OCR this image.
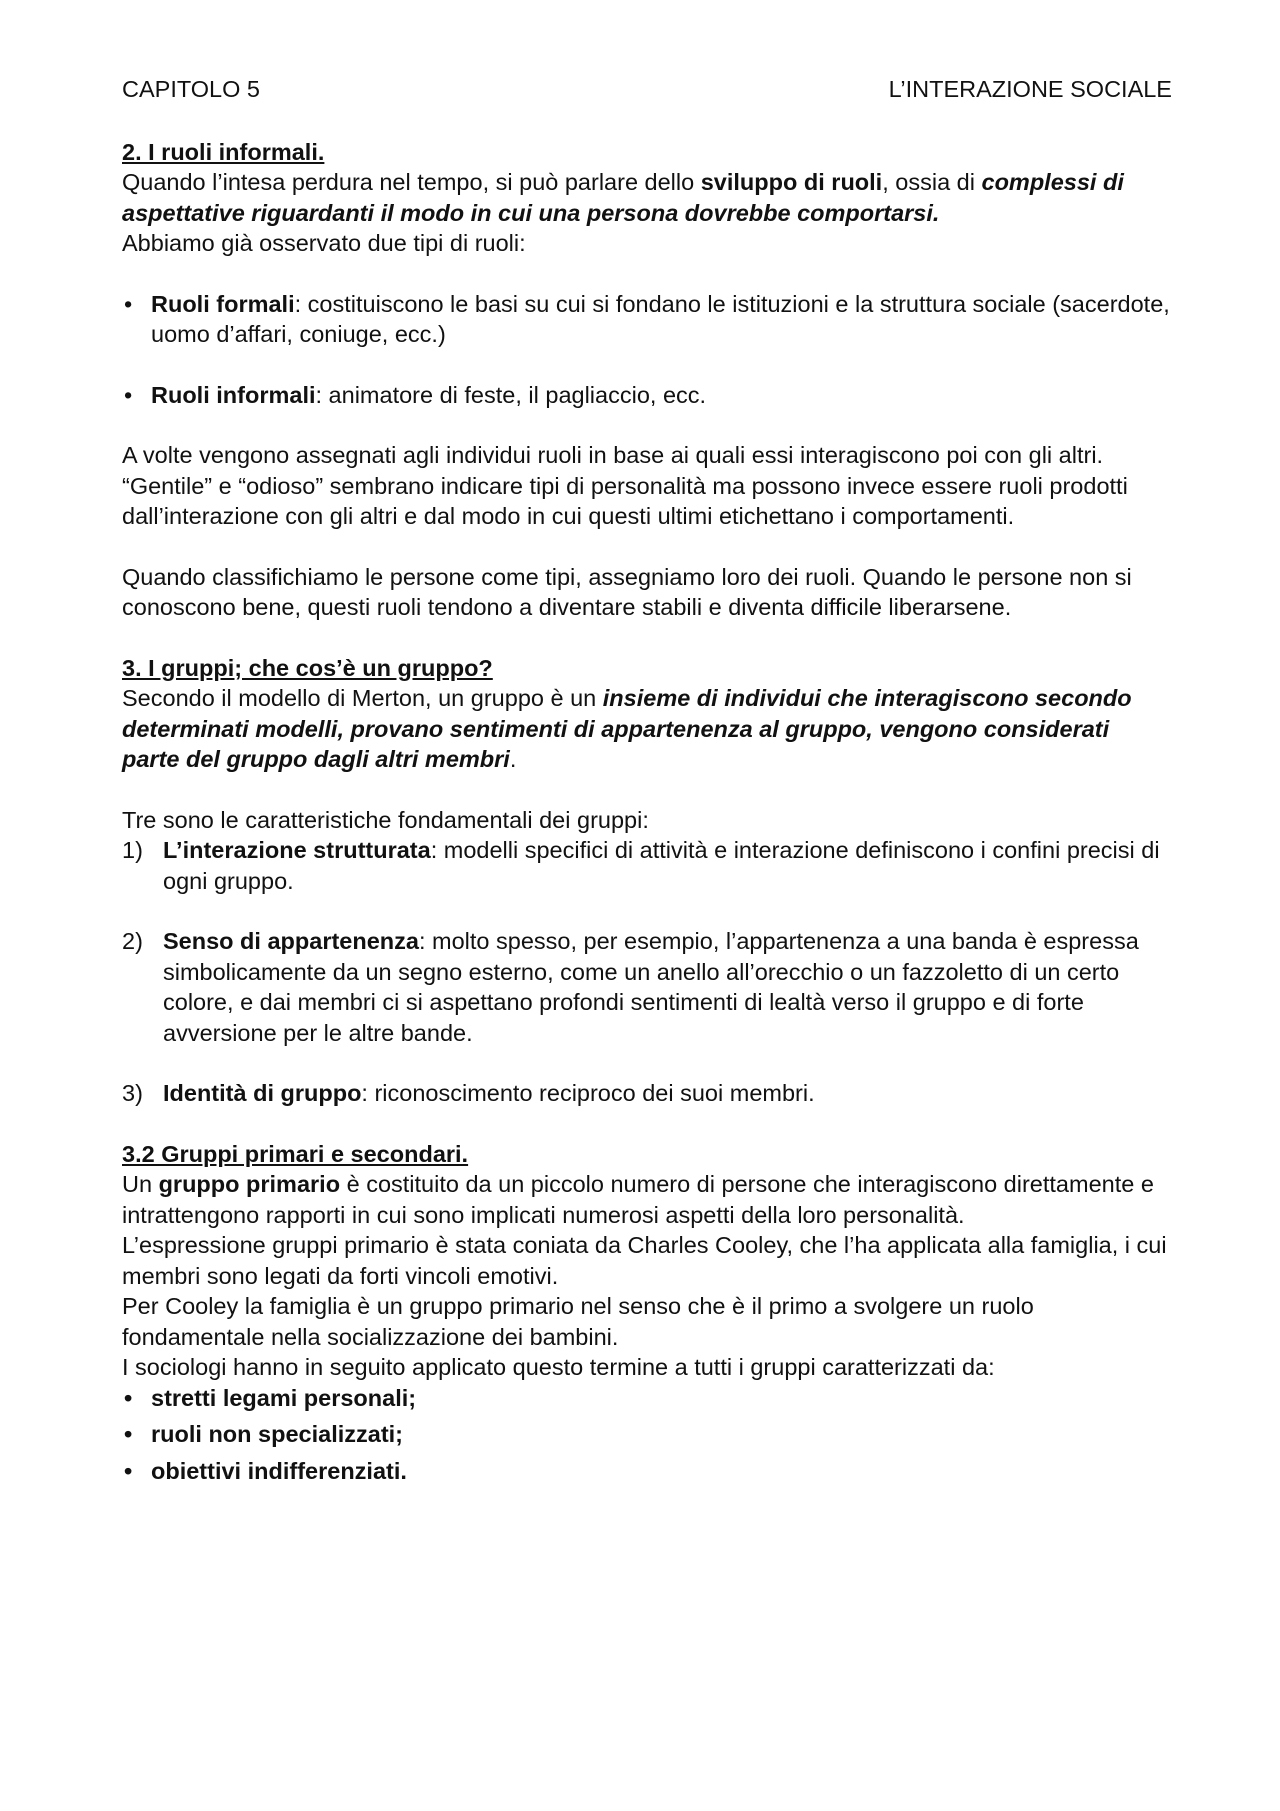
CAPITOLO 5	L’INTERAZIONE SOCIALE

2. I ruoli informali.

Quando l’intesa perdura nel tempo, si può parlare dello sviluppo di ruoli, ossia di complessi di aspettative riguardanti il modo in cui una persona dovrebbe comportarsi.

Abbiamo già osservato due tipi di ruoli:

• Ruoli formali: costituiscono le basi su cui si fondano le istituzioni e la struttura sociale (sacerdote, uomo d’affari, coniuge, ecc.)
• Ruoli informali: animatore di feste, il pagliaccio, ecc.

A volte vengono assegnati agli individui ruoli in base ai quali essi interagiscono poi con gli altri. “Gentile” e “odioso” sembrano indicare tipi di personalità ma possono invece essere ruoli prodotti dall’interazione con gli altri e dal modo in cui questi ultimi etichettano i comportamenti.

Quando classifichiamo le persone come tipi, assegniamo loro dei ruoli. Quando le persone non si conoscono bene, questi ruoli tendono a diventare stabili e diventa difficile liberarsene.

3. I gruppi; che cos’è un gruppo?

Secondo il modello di Merton, un gruppo è un insieme di individui che interagiscono secondo determinati modelli, provano sentimenti di appartenenza al gruppo, vengono considerati parte del gruppo dagli altri membri.

Tre sono le caratteristiche fondamentali dei gruppi:

1) L’interazione strutturata: modelli specifici di attività e interazione definiscono i confini precisi di ogni gruppo.
2) Senso di appartenenza: molto spesso, per esempio, l’appartenenza a una banda è espressa simbolicamente da un segno esterno, come un anello all’orecchio o un fazzoletto di un certo colore, e dai membri ci si aspettano profondi sentimenti di lealtà verso il gruppo e di forte avversione per le altre bande.
3) Identità di gruppo: riconoscimento reciproco dei suoi membri.

3.2 Gruppi primari e secondari.

Un gruppo primario è costituito da un piccolo numero di persone che interagiscono direttamente e intrattengono rapporti in cui sono implicati numerosi aspetti della loro personalità.

L’espressione gruppi primario è stata coniata da Charles Cooley, che l’ha applicata alla famiglia, i cui membri sono legati da forti vincoli emotivi.

Per Cooley la famiglia è un gruppo primario nel senso che è il primo a svolgere un ruolo fondamentale nella socializzazione dei bambini.

I sociologi hanno in seguito applicato questo termine a tutti i gruppi caratterizzati da:

• stretti legami personali;
• ruoli non specializzati;
• obiettivi indifferenziati.
